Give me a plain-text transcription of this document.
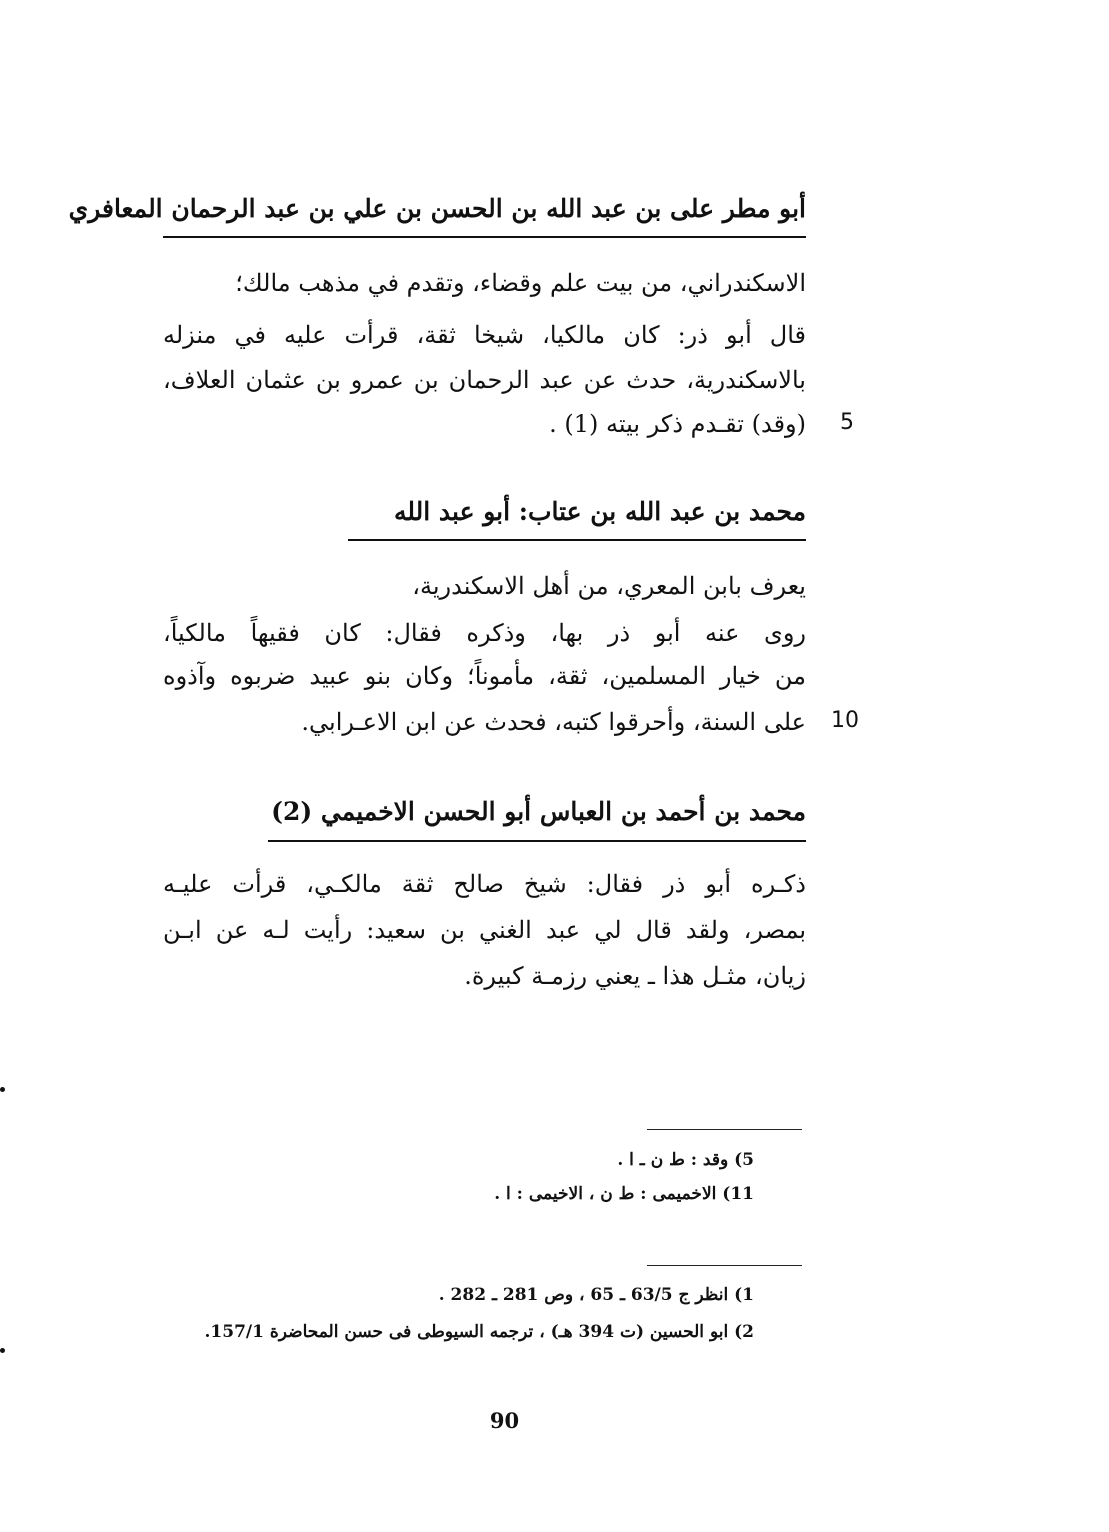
أبو مطر على بن عبد الله بن الحسن بن علي بن عبد الرحمان المعافري
الاسكندراني، من بيت علم وقضاء، وتقدم في مذهب مالك؛
قال أبو ذر: كان مالكيا، شيخا ثقة، قرأت عليه في منزله
بالاسكندرية، حدث عن عبد الرحمان بن عمرو بن عثمان العلاف،
(وقد) تقـدم ذكر بيته (1) . 5
محمد بن عبد الله بن عتاب: أبو عبد الله
يعرف بابن المعري، من أهل الاسكندرية،
روى عنه أبو ذر بها، وذكره فقال: كان فقيهاً مالكياً،
من خيار المسلمين، ثقة، مأموناً؛ وكان بنو عبيد ضربوه وآذوه
على السنة، وأحرقوا كتبه، فحدث عن ابن الاعـرابي. 10
محمد بن أحمد بن العباس أبو الحسن الاخميمي (2)
ذكـره أبو ذر فقال: شيخ صالح ثقة مالكـي، قرأت عليـه
بمصر، ولقد قال لي عبد الغني بن سعيد: رأيت لـه عن ابـن
زيان، مثـل هذا ـ يعني رزمـة كبيرة.
5) وقد : ط ن ـ ا .
11) الاخميمى : ط ن ، الاخيمى : ا .
1) انظر ج 63/5 ـ 65 ، وص 281 ـ 282 .
2) ابو الحسين (ت 394 هـ) ، ترجمه السيوطى فى حسن المحاضرة 157/1.
90
